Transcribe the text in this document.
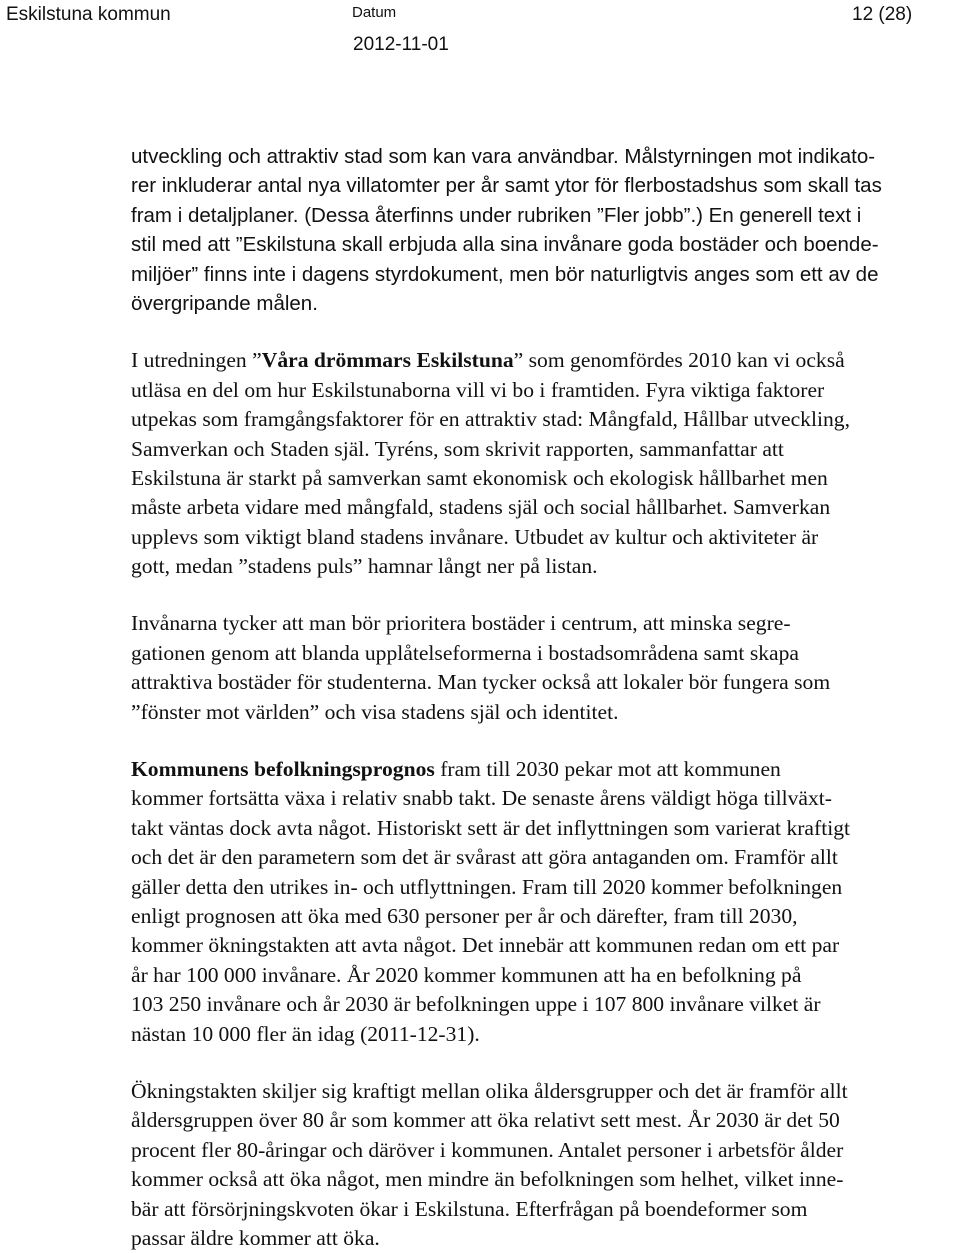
Eskilstuna kommun	Datum
2012-11-01
12 (28)
utveckling och attraktiv stad som kan vara användbar. Målstyrningen mot indikato-
rer inkluderar antal nya villatomter per år samt ytor för flerbostadshus som skall tas
fram i detaljplaner. (Dessa återfinns under rubriken ”Fler jobb”.) En generell text i
stil med att ”Eskilstuna skall erbjuda alla sina invånare goda bostäder och boende-
miljöer” finns inte i dagens styrdokument, men bör naturligtvis anges som ett av de
övergripande målen.
I utredningen ”Våra drömmars Eskilstuna” som genomfördes 2010 kan vi också
utläsa en del om hur Eskilstunaborna vill vi bo i framtiden. Fyra viktiga faktorer
utpekas som framgångsfaktorer för en attraktiv stad: Mångfald, Hållbar utveckling,
Samverkan och Staden själ. Tyréns, som skrivit rapporten, sammanfattar att
Eskilstuna är starkt på samverkan samt ekonomisk och ekologisk hållbarhet men
måste arbeta vidare med mångfald, stadens själ och social hållbarhet. Samverkan
upplevs som viktigt bland stadens invånare. Utbudet av kultur och aktiviteter är
gott, medan ”stadens puls” hamnar långt ner på listan.
Invånarna tycker att man bör prioritera bostäder i centrum, att minska segre-
gationen genom att blanda upplåtelseformerna i bostadsområdena samt skapa
attraktiva bostäder för studenterna. Man tycker också att lokaler bör fungera som
”fönster mot världen” och visa stadens själ och identitet.
Kommunens befolkningsprognos fram till 2030 pekar mot att kommunen
kommer fortsätta växa i relativ snabb takt. De senaste årens väldigt höga tillväxt-
takt väntas dock avta något. Historiskt sett är det inflyttningen som varierat kraftigt
och det är den parametern som det är svårast att göra antaganden om. Framför allt
gäller detta den utrikes in- och utflyttningen. Fram till 2020 kommer befolkningen
enligt prognosen att öka med 630 personer per år och därefter, fram till 2030,
kommer ökningstakten att avta något. Det innebär att kommunen redan om ett par
år har 100 000 invånare. År 2020 kommer kommunen att ha en befolkning på
103 250 invånare och år 2030 är befolkningen uppe i 107 800 invånare vilket är
nästan 10 000 fler än idag (2011-12-31).
Ökningstakten skiljer sig kraftigt mellan olika åldersgrupper och det är framför allt
åldersgruppen över 80 år som kommer att öka relativt sett mest. År 2030 är det 50
procent fler 80-åringar och däröver i kommunen. Antalet personer i arbetsför ålder
kommer också att öka något, men mindre än befolkningen som helhet, vilket inne-
bär att försörjningskvoten ökar i Eskilstuna. Efterfrågan på boendeformer som
passar äldre kommer att öka.
